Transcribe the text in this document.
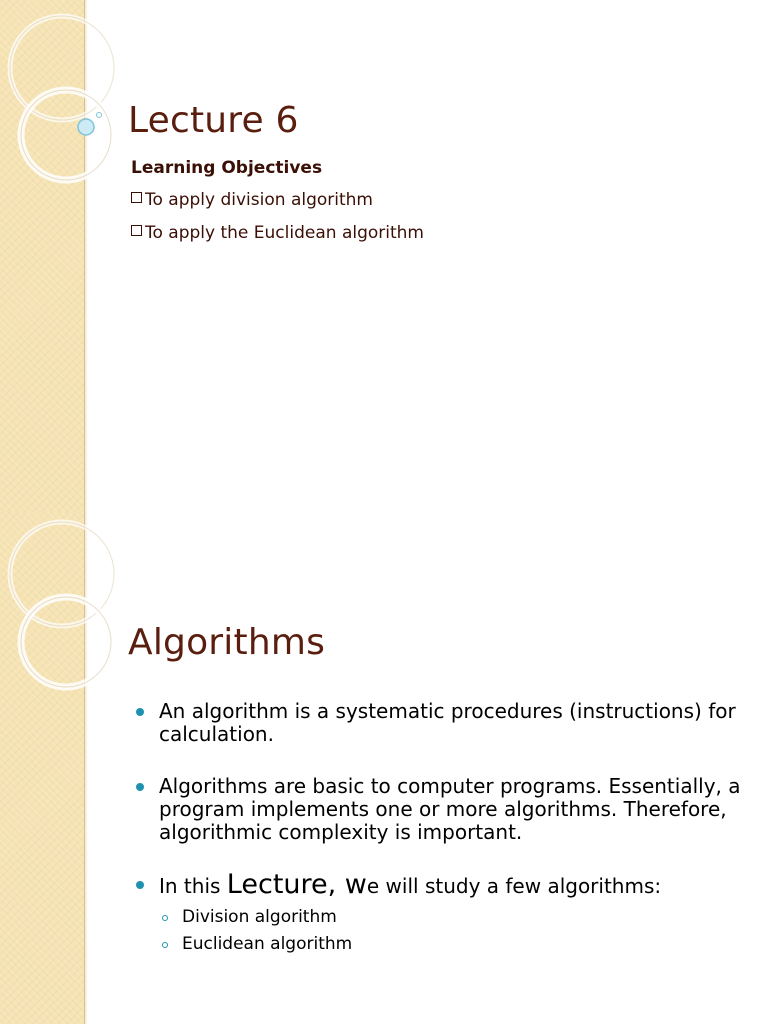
Lecture 6

Learning Objectives

To apply division algorithm
To apply the Euclidean algorithm
Algorithms
An algorithm is a systematic procedures (instructions) for calculation.
Algorithms are basic to computer programs. Essentially, a program implements one or more algorithms. Therefore, algorithmic complexity is important.
In this Lecture, we will study a few algorithms:
Division algorithm
Euclidean algorithm
